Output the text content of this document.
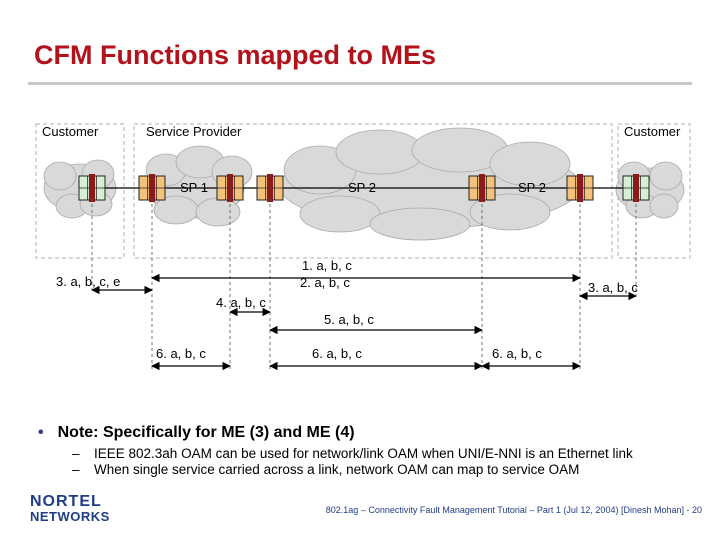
CFM Functions mapped to MEs
Customer	Service Provider	Customer
SP 1	SP 2	SP 2
1. a, b, c
2. a, b, c
3. a, b, c, e	3. a, b, c
4. a, b, c
5. a, b, c
6. a, b, c	6. a, b, c	6. a, b, c
• Note: Specifically for ME (3) and ME (4)
– IEEE 802.3ah OAM can be used for network/link OAM when UNI/E-NNI is an Ethernet link
– When single service carried across a link, network OAM can map to service OAM
NORTEL
NETWORKS	802.1ag – Connectivity Fault Management Tutorial – Part 1 (Jul 12, 2004) [Dinesh Mohan] - 20
